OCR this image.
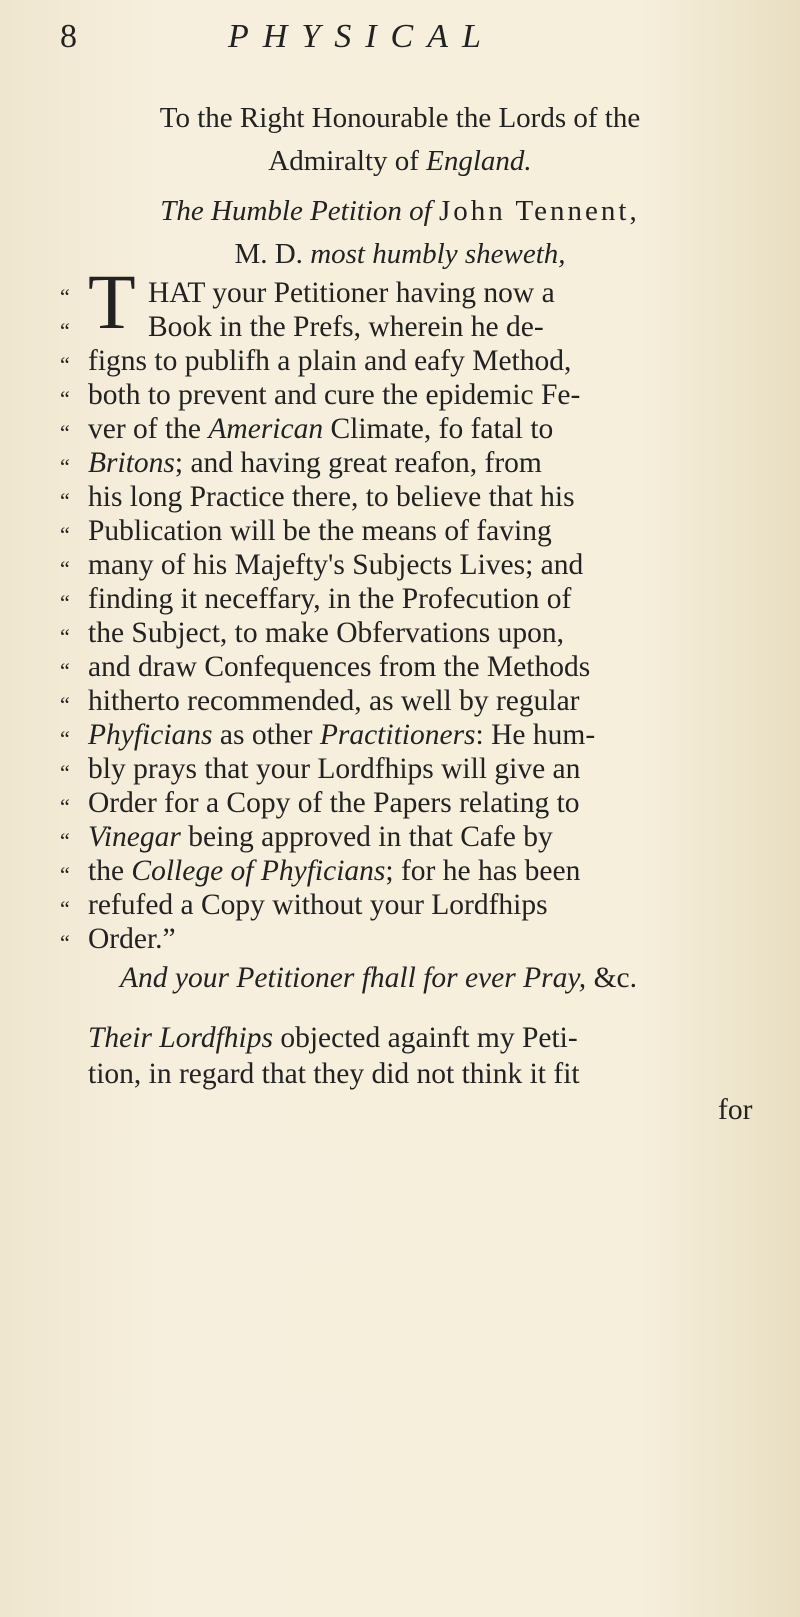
8	PHYSICAL
To the Right Honourable the Lords of the
Admiralty of England.
The Humble Petition of John Tennent,
M. D. most humbly sheweth,
T
“	HAT your Petitioner having now a
“	Book in the Prefs, wherein he de-
“ figns to publifh a plain and eafy Method,
“ both to prevent and cure the epidemic Fe-
“ ver of the American Climate, fo fatal to
“ Britons; and having great reafon, from
“ his long Practice there, to believe that his
“ Publication will be the means of faving
“ many of his Majefty's Subjects Lives; and
“ finding it neceffary, in the Profecution of
“ the Subject, to make Obfervations upon,
“ and draw Confequences from the Methods
“ hitherto recommended, as well by regular
“ Phyficians as other Practitioners: He hum-
“ bly prays that your Lordfhips will give an
“ Order for a Copy of the Papers relating to
“ Vinegar being approved in that Cafe by
“ the College of Phyficians; for he has been
“ refufed a Copy without your Lordfhips
“ Order.”
And your Petitioner fhall for ever Pray, &c.
Their Lordfhips objected againft my Peti-
tion, in regard that they did not think it fit
for
